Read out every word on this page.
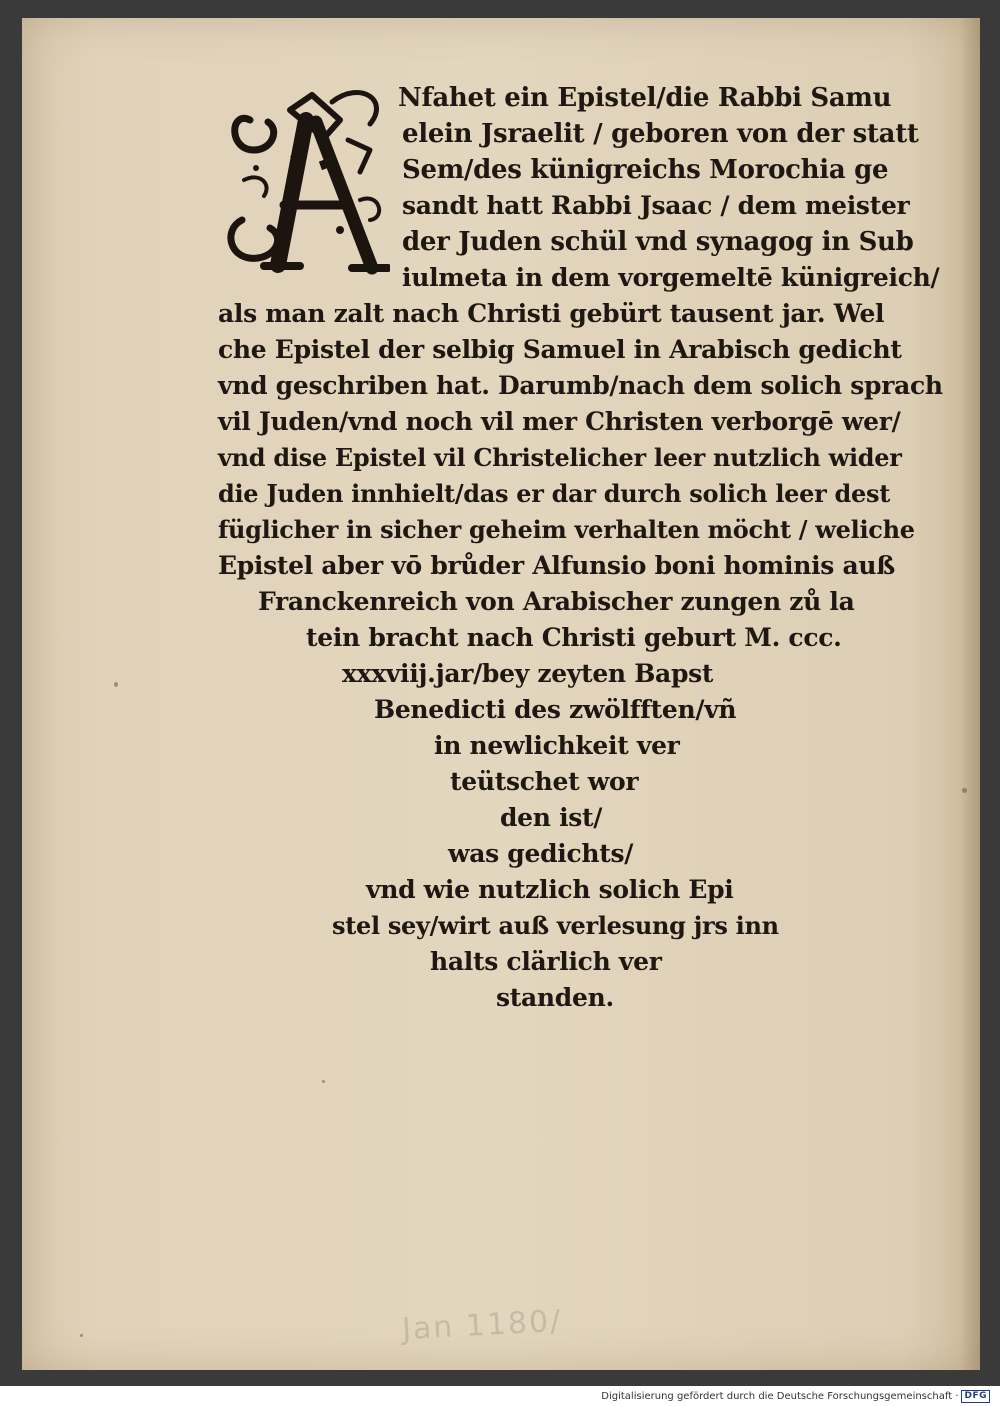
Nfahet ein Epistel/die Rabbi Samu
elein Jsraelit / geboren von der statt
Sem/des künigreichs Morochia ge
sandt hatt Rabbi Jsaac / dem meister
der Juden schül vnd synagog in Sub
iulmeta in dem vorgemeltē künigreich/
als man zalt nach Christi gebürt tausent jar. Wel
che Epistel der selbig Samuel in Arabisch gedicht
vnd geschriben hat. Darumb/nach dem solich sprach
vil Juden/vnd noch vil mer Christen verborgē wer/
vnd dise Epistel vil Christelicher leer nutzlich wider
die Juden innhielt/das er dar durch solich leer dest
füglicher in sicher geheim verhalten möcht / weliche
Epistel aber vō brůder Alfunsio boni hominis auß
Franckenreich von Arabischer zungen zů la
tein bracht nach Christi geburt M. ccc.
xxxviij.jar/bey zeyten Bapst
Benedicti des zwölfften/vñ
in newlichkeit ver
teütschet wor
den ist/
was gedichts/
vnd wie nutzlich solich Epi
stel sey/wirt auß verlesung jrs inn
halts clärlich ver
standen.
Jan 1180/
Digitalisierung gefördert durch die Deutsche Forschungsgemeinschaft · DFG
